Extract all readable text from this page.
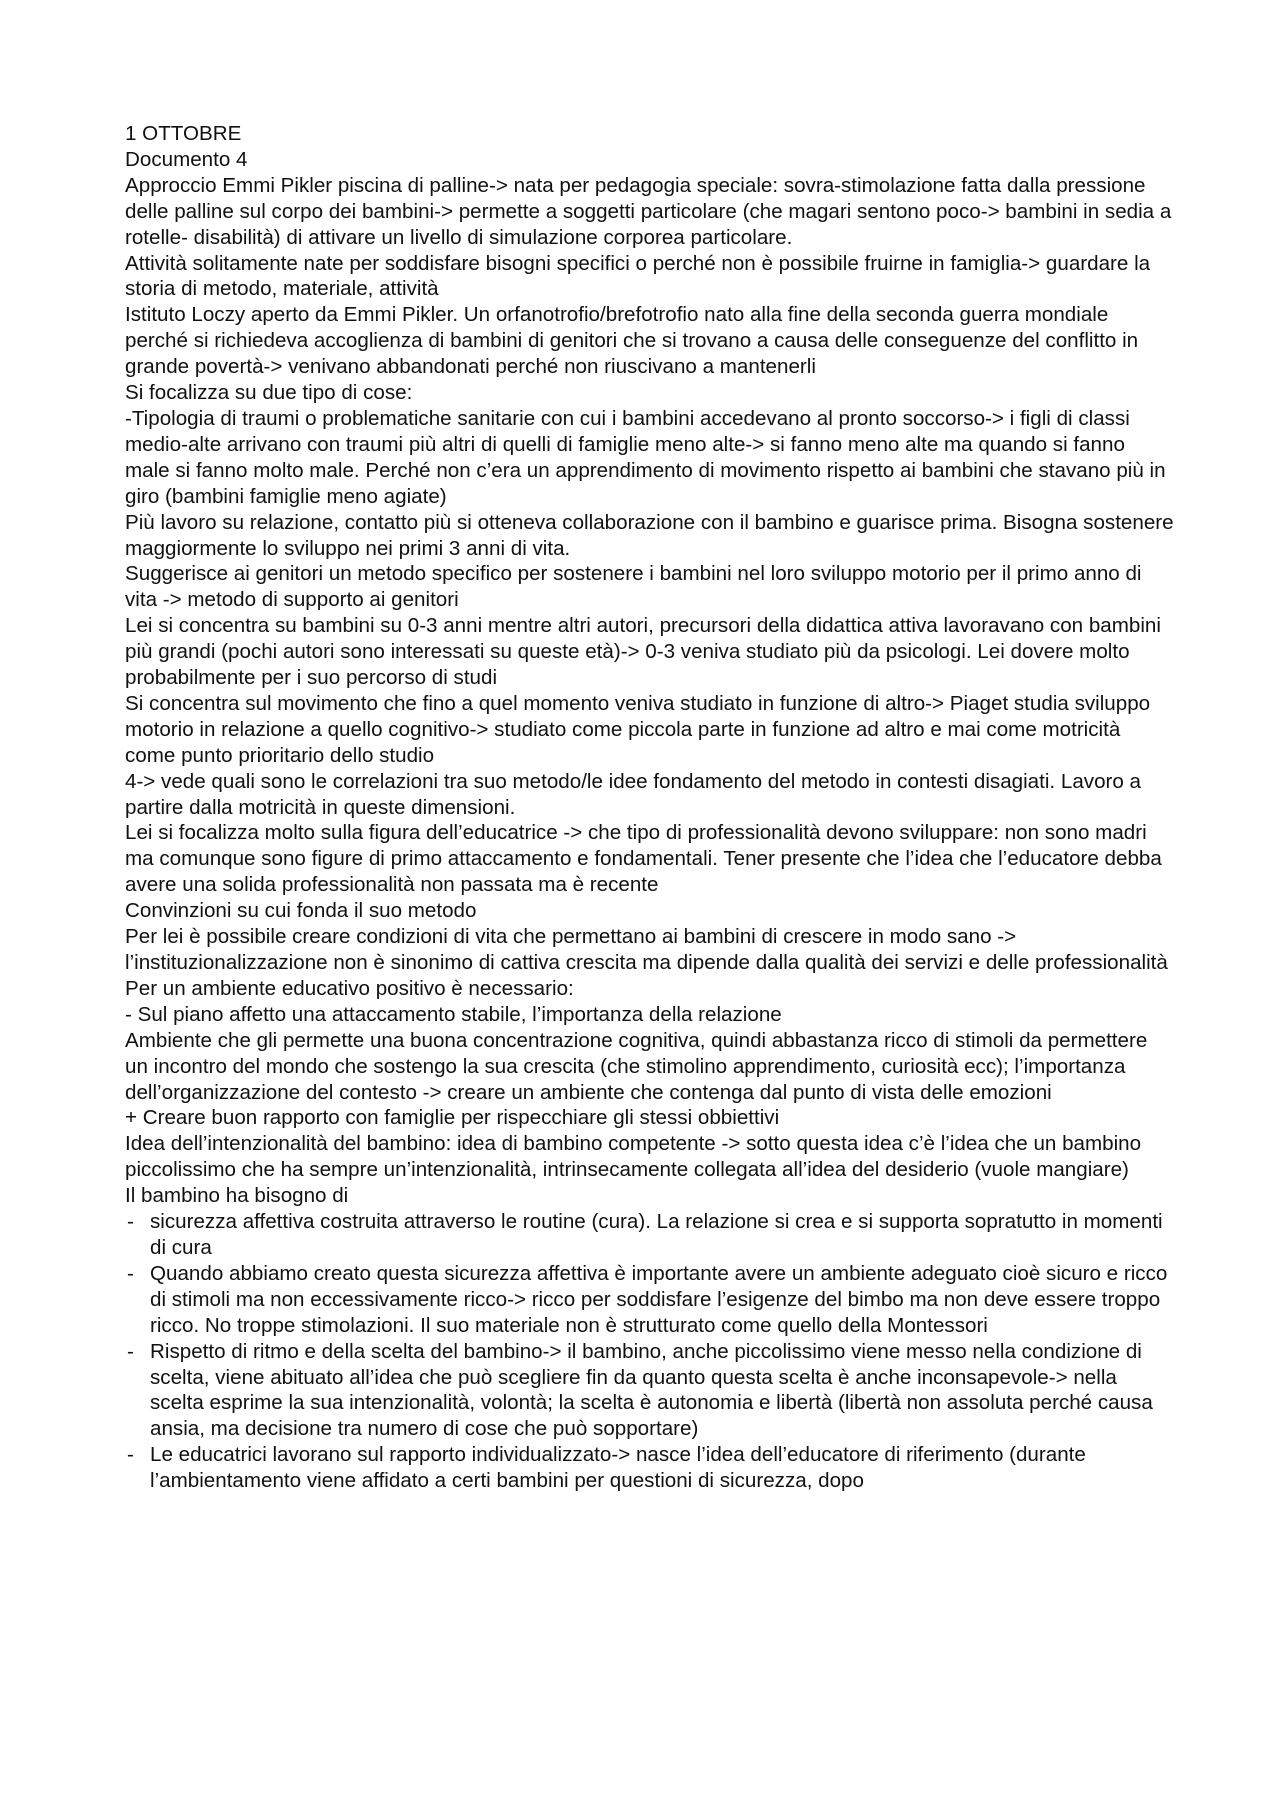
1 OTTOBRE

Documento 4

Approccio Emmi Pikler piscina di palline-> nata per pedagogia speciale: sovra-stimolazione fatta dalla pressione delle palline sul corpo dei bambini-> permette a soggetti particolare (che magari sentono poco-> bambini in sedia a rotelle- disabilità) di attivare un livello di simulazione corporea particolare.

Attività solitamente nate per soddisfare bisogni specifici o perché non è possibile fruirne in famiglia-> guardare la storia di metodo, materiale, attività

Istituto Loczy aperto da Emmi Pikler. Un orfanotrofio/brefotrofio nato alla fine della seconda guerra mondiale perché si richiedeva accoglienza di bambini di genitori che si trovano a causa delle conseguenze del conflitto in grande povertà-> venivano abbandonati perché non riuscivano a mantenerli

Si focalizza su due tipo di cose:

-Tipologia di traumi o problematiche sanitarie con cui i bambini accedevano al pronto soccorso-> i figli di classi medio-alte arrivano con traumi più altri di quelli di famiglie meno alte-> si fanno meno alte ma quando si fanno male si fanno molto male. Perché non c’era un apprendimento di movimento rispetto ai bambini che stavano più in giro (bambini famiglie meno agiate)

Più lavoro su relazione, contatto più si otteneva collaborazione con il bambino e guarisce prima. Bisogna sostenere maggiormente lo sviluppo nei primi 3 anni di vita.

Suggerisce ai genitori un metodo specifico per sostenere i bambini nel loro sviluppo motorio per il primo anno di vita -> metodo di supporto ai genitori

Lei si concentra su bambini su 0-3 anni mentre altri autori, precursori della didattica attiva lavoravano con bambini più grandi (pochi autori sono interessati su queste età)-> 0-3 veniva studiato più da psicologi. Lei dovere molto probabilmente per i suo percorso di studi

Si concentra sul movimento che fino a quel momento veniva studiato in funzione di altro-> Piaget studia sviluppo motorio in relazione a quello cognitivo-> studiato come piccola parte in funzione ad altro e mai come motricità come punto prioritario dello studio

4-> vede quali sono le correlazioni tra suo metodo/le idee fondamento del metodo in contesti disagiati. Lavoro a partire dalla motricità in queste dimensioni.

Lei si focalizza molto sulla figura dell’educatrice -> che tipo di professionalità devono sviluppare: non sono madri ma comunque sono figure di primo attaccamento e fondamentali. Tener presente che l’idea che l’educatore debba avere una solida professionalità non passata ma è recente

Convinzioni su cui fonda il suo metodo

Per lei è possibile creare condizioni di vita che permettano ai bambini di crescere in modo sano -> l’instituzionalizzazione non è sinonimo di cattiva crescita ma dipende dalla qualità dei servizi e delle professionalità

Per un ambiente educativo positivo è necessario:

- Sul piano affetto una attaccamento stabile, l’importanza della relazione

Ambiente che gli permette una buona concentrazione cognitiva, quindi abbastanza ricco di stimoli da permettere un incontro del mondo che sostengo la sua crescita (che stimolino apprendimento, curiosità ecc); l’importanza dell’organizzazione del contesto -> creare un ambiente che contenga dal punto di vista delle emozioni

+ Creare buon rapporto con famiglie per rispecchiare gli stessi obbiettivi

Idea dell’intenzionalità del bambino: idea di bambino competente -> sotto questa idea c’è l’idea che un bambino piccolissimo che ha sempre un’intenzionalità, intrinsecamente collegata all’idea del desiderio (vuole mangiare)

Il bambino ha bisogno di

- sicurezza affettiva costruita attraverso le routine (cura). La relazione si crea e si supporta sopratutto in momenti di cura
- Quando abbiamo creato questa sicurezza affettiva è importante avere un ambiente adeguato cioè sicuro e ricco di stimoli ma non eccessivamente ricco-> ricco per soddisfare l’esigenze del bimbo ma non deve essere troppo ricco. No troppe stimolazioni. Il suo materiale non è strutturato come quello della Montessori
- Rispetto di ritmo e della scelta del bambino-> il bambino, anche piccolissimo viene messo nella condizione di scelta, viene abituato all’idea che può scegliere fin da quanto questa scelta è anche inconsapevole-> nella scelta esprime la sua intenzionalità, volontà; la scelta è autonomia e libertà (libertà non assoluta perché causa ansia, ma decisione tra numero di cose che può sopportare)
- Le educatrici lavorano sul rapporto individualizzato-> nasce l’idea dell’educatore di riferimento (durante l’ambientamento viene affidato a certi bambini per questioni di sicurezza, dopo
